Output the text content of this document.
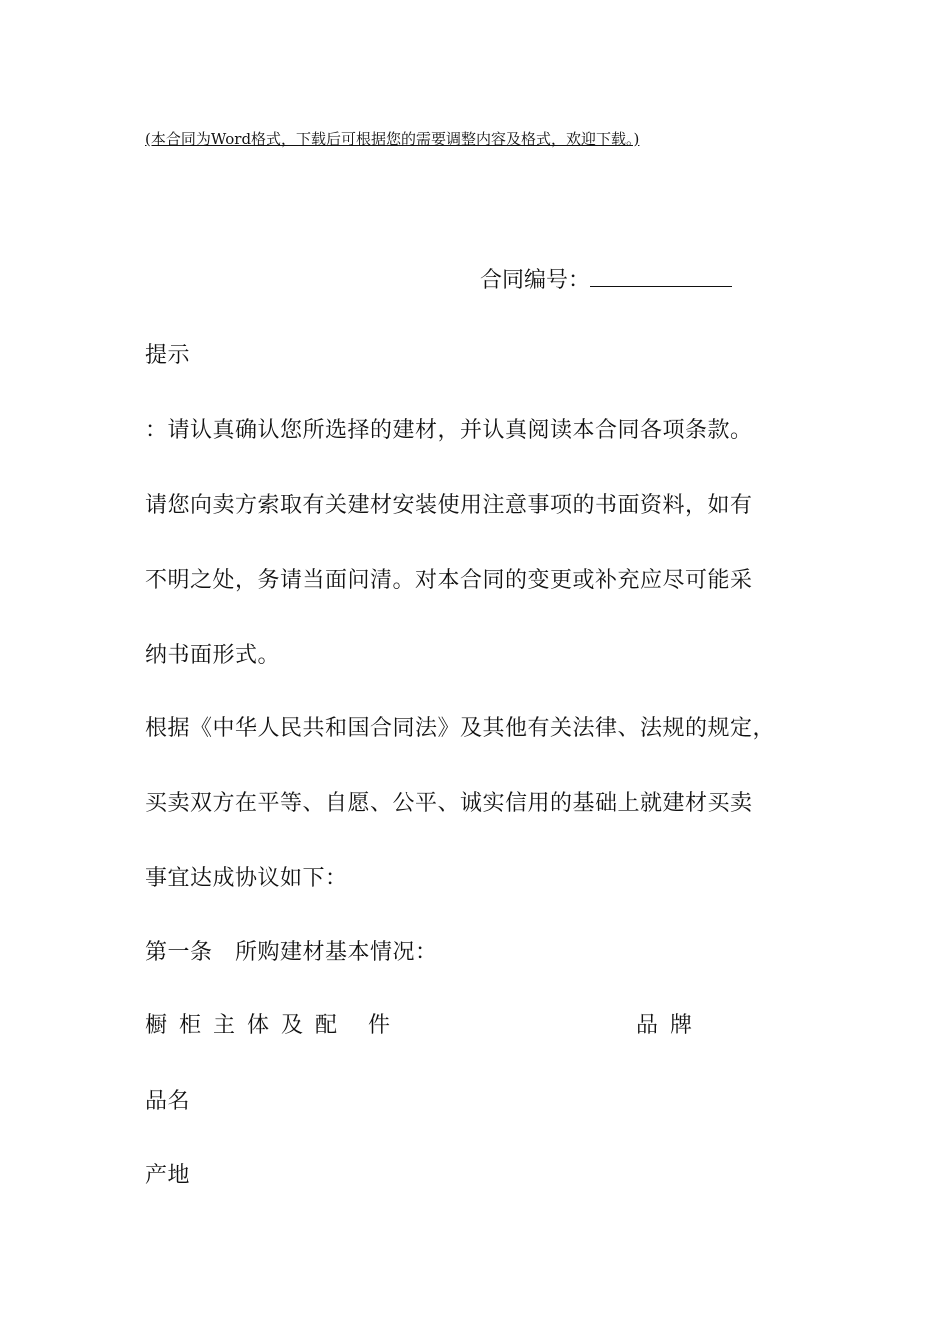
(本合同为Word格式，下载后可根据您的需要调整内容及格式，欢迎下载。)
合同编号：
提示
：请认真确认您所选择的建材，并认真阅读本合同各项条款。
请您向卖方索取有关建材安装使用注意事项的书面资料，如有
不明之处，务请当面问清。对本合同的变更或补充应尽可能采
纳书面形式。
根据《中华人民共和国合同法》及其他有关法律、法规的规定，
买卖双方在平等、自愿、公平、诚实信用的基础上就建材买卖
事宜达成协议如下：
第一条　所购建材基本情况：
橱柜主体及配 件	品牌
品名
产地
